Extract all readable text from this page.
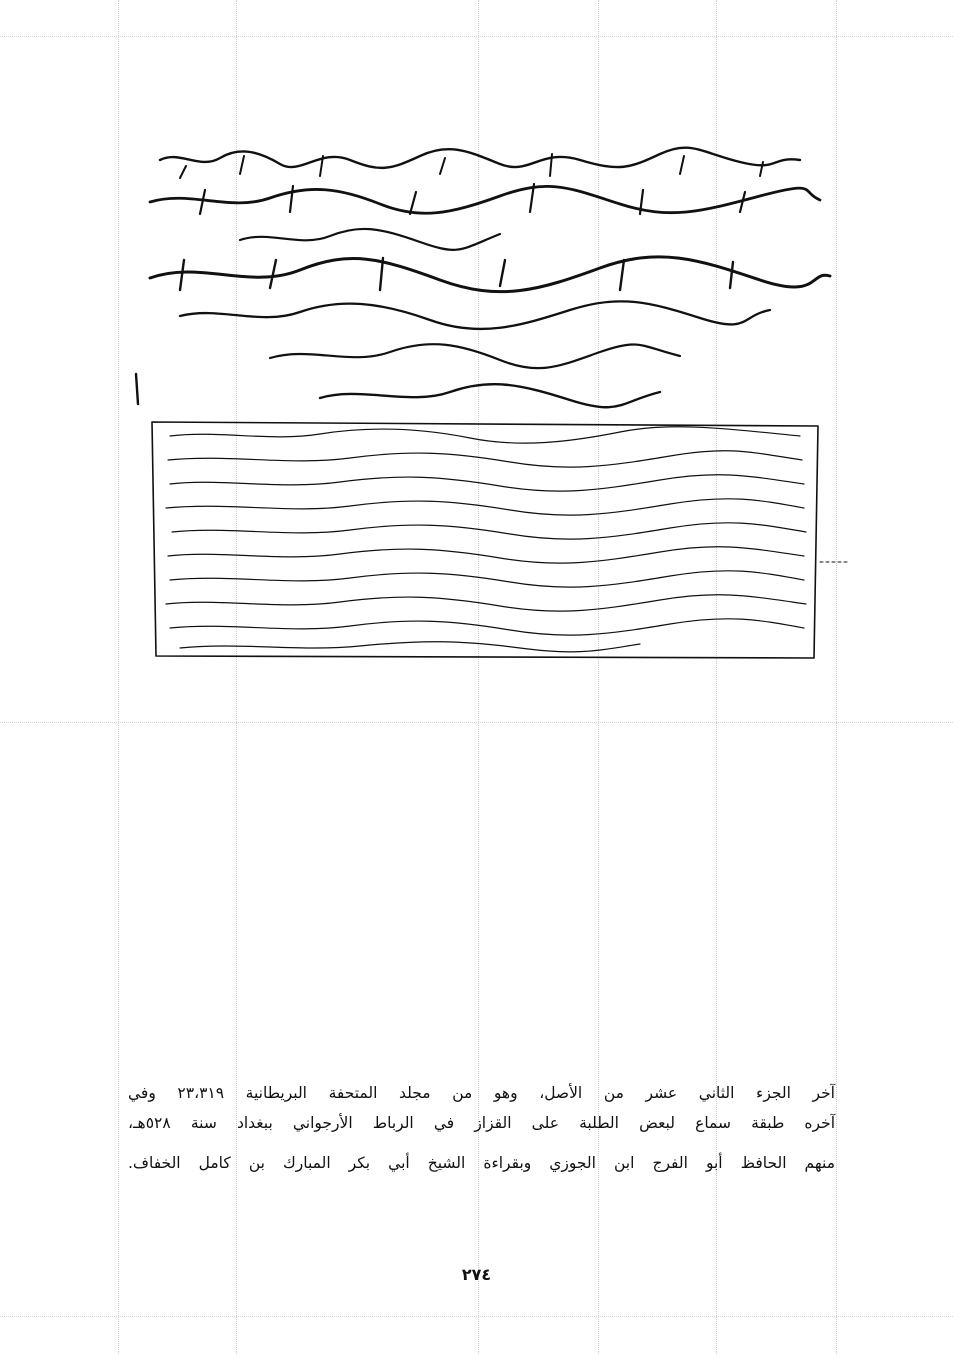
آخر الجزء الثاني عشر من الأصل، وهو من مجلد المتحفة البريطانية ٢٣،٣١٩ وفي

آخره طبقة سماع لبعض الطلبة على القزاز في الرباط الأرجواني ببغداد سنة ٥٢٨هـ،

منهم الحافظ أبو الفرج ابن الجوزي وبقراءة الشيخ أبي بكر المبارك بن كامل الخفاف.

٢٧٤
